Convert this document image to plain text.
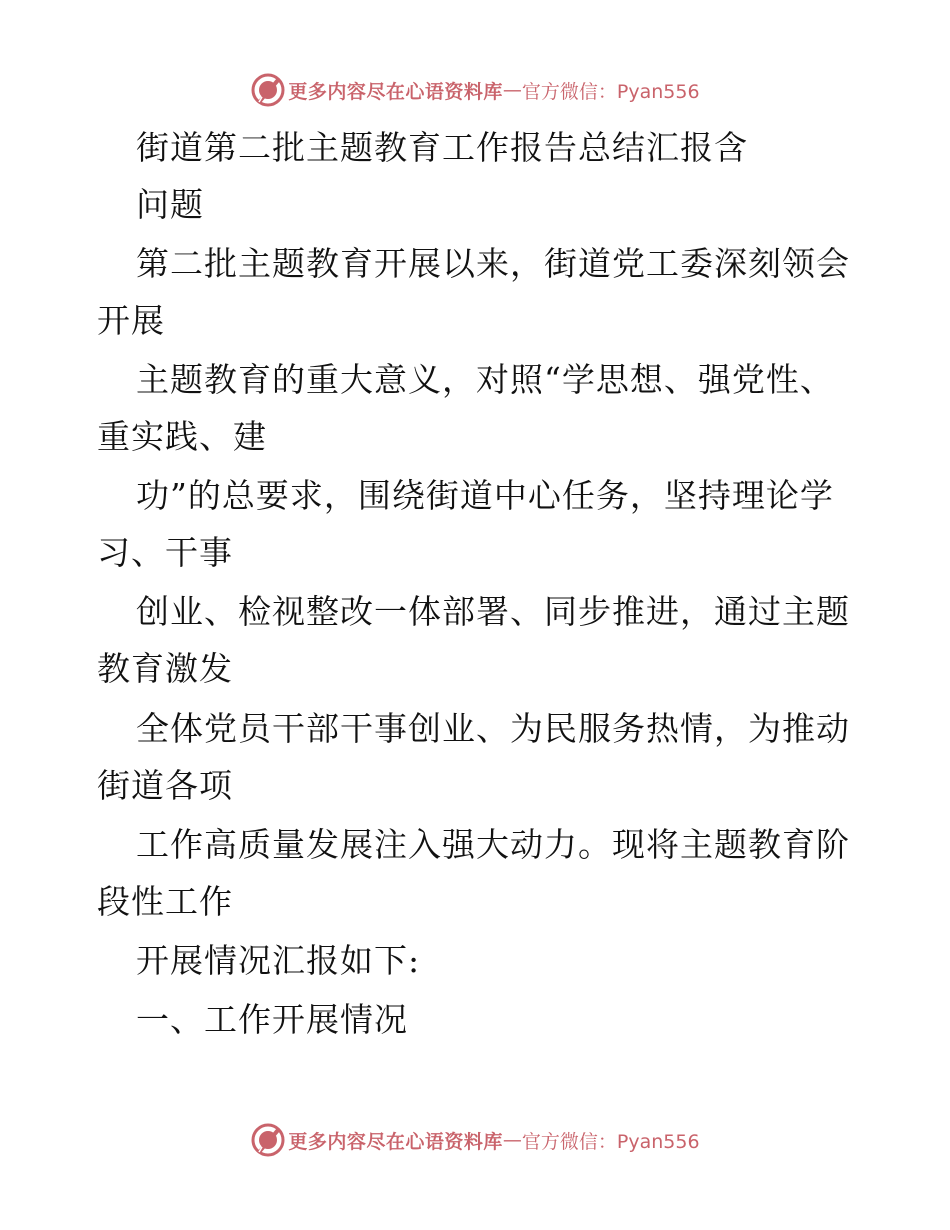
更多内容尽在心语资料库 — 官方微信：Pyan556
街道第二批主题教育工作报告总结汇报含
问题
第二批主题教育开展以来，街道党工委深刻领会
开展
主题教育的重大意义，对照“学思想、强党性、
重实践、建
功”的总要求，围绕街道中心任务，坚持理论学
习、干事
创业、检视整改一体部署、同步推进，通过主题
教育激发
全体党员干部干事创业、为民服务热情，为推动
街道各项
工作高质量发展注入强大动力。现将主题教育阶
段性工作
开展情况汇报如下:
一、工作开展情况
更多内容尽在心语资料库 — 官方微信：Pyan556
